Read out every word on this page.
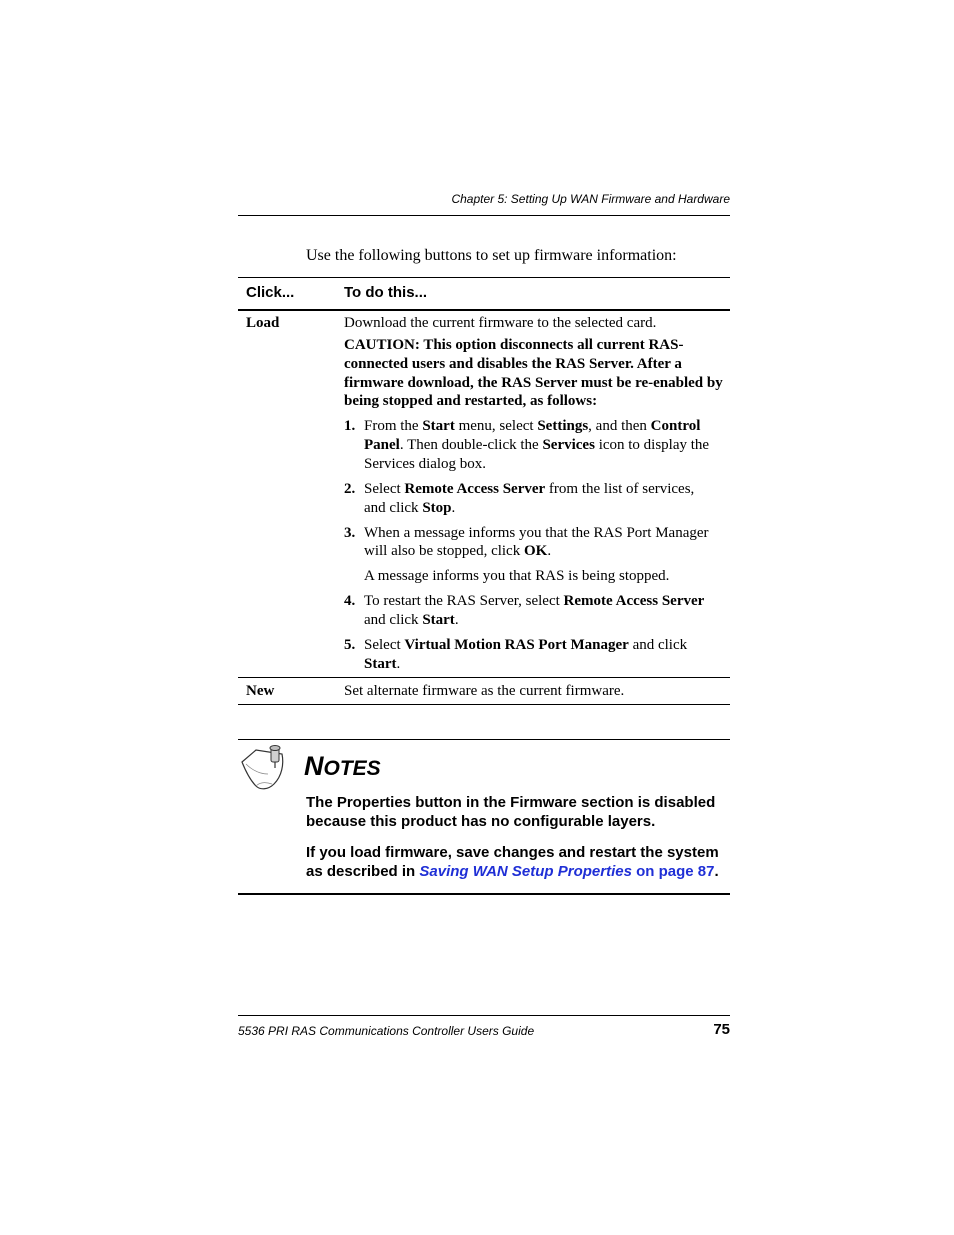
Chapter 5: Setting Up WAN Firmware and Hardware
Use the following buttons to set up firmware information:
Click...	To do this...
Load	Download the current firmware to the selected card.
CAUTION: This option disconnects all current RAS-connected users and disables the RAS Server. After a firmware download, the RAS Server must be re-enabled by being stopped and restarted, as follows:
1. From the Start menu, select Settings, and then Control
Panel. Then double-click the Services icon to display the
Services dialog box.
2. Select Remote Access Server from the list of services,
and click Stop.
3. When a message informs you that the RAS Port Manager
will also be stopped, click OK.
A message informs you that RAS is being stopped.
4. To restart the RAS Server, select Remote Access Server
and click Start.
5. Select Virtual Motion RAS Port Manager and click
Start.
New	Set alternate firmware as the current firmware.
NOTES
The Properties button in the Firmware section is disabled because this product has no configurable layers.
If you load firmware, save changes and restart the system as described in Saving WAN Setup Properties on page 87.
5536 PRI RAS Communications Controller Users Guide	75
